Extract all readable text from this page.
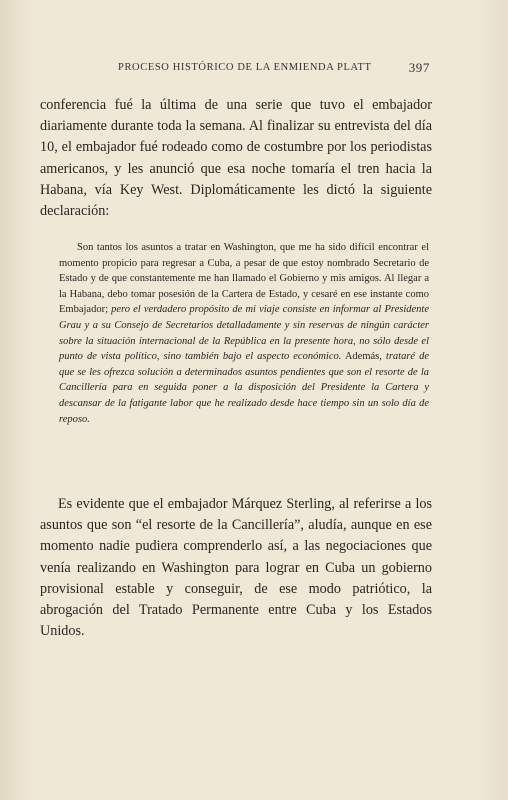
PROCESO HISTÓRICO DE LA ENMIENDA PLATT	397

conferencia fué la última de una serie que tuvo el embajador diariamente durante toda la semana. Al finalizar su entrevista del día 10, el embajador fué rodeado como de costumbre por los periodistas americanos, y les anunció que esa noche tomaría el tren hacia la Habana, vía Key West. Diplomáticamente les dictó la siguiente declaración:

Son tantos los asuntos a tratar en Washington, que me ha sido difícil encontrar el momento propicio para regresar a Cuba, a pesar de que estoy nombrado Secretario de Estado y de que constantemente me han llamado el Gobierno y mis amigos. Al llegar a la Habana, debo tomar posesión de la Cartera de Estado, y cesaré en ese instante como Embajador; pero el verdadero propósito de mi viaje consiste en informar al Presidente Grau y a su Consejo de Secretarios detalladamente y sin reservas de ningún carácter sobre la situación internacional de la República en la presente hora, no sólo desde el punto de vista político, sino también bajo el aspecto económico. Además, trataré de que se les ofrezca solución a determinados asuntos pendientes que son el resorte de la Cancillería para en seguida poner a la disposición del Presidente la Cartera y descansar de la fatigante labor que he realizado desde hace tiempo sin un solo día de reposo.

Es evidente que el embajador Márquez Sterling, al referirse a los asuntos que son “el resorte de la Cancillería”, aludía, aunque en ese momento nadie pudiera comprenderlo así, a las negociaciones que venía realizando en Washington para lograr en Cuba un gobierno provisional estable y conseguir, de ese modo patriótico, la abrogación del Tratado Permanente entre Cuba y los Estados Unidos.
